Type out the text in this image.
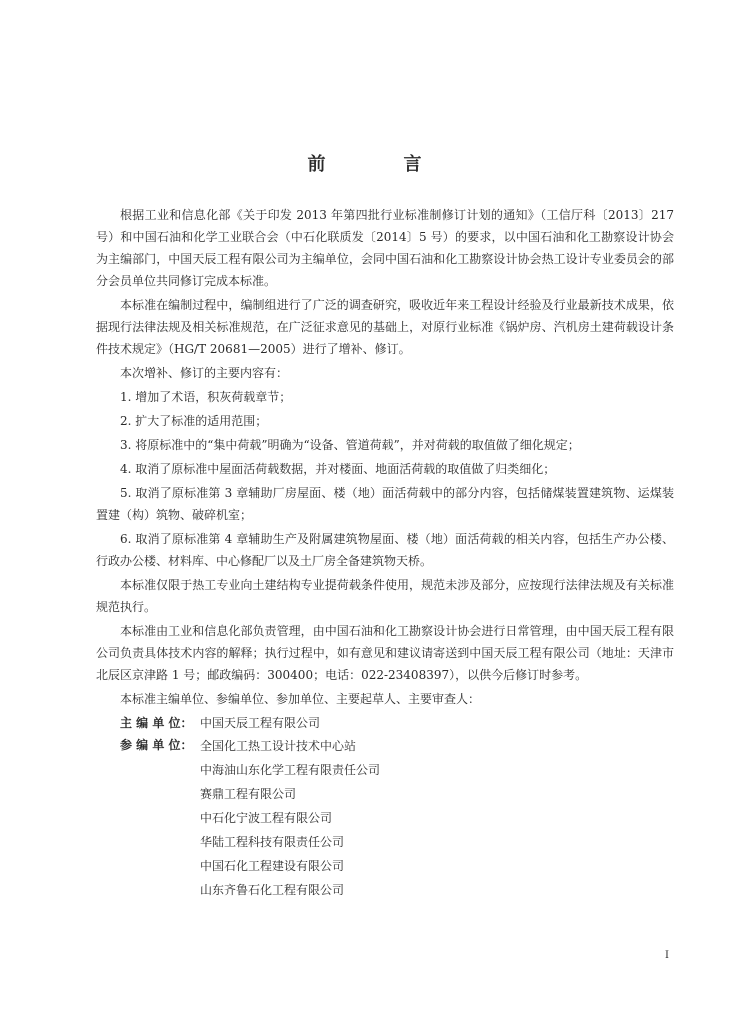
前　言

根据工业和信息化部《关于印发 2013 年第四批行业标准制修订计划的通知》（工信厅科〔2013〕217 号）和中国石油和化学工业联合会（中石化联质发〔2014〕5 号）的要求，以中国石油和化工勘察设计协会为主编部门，中国天辰工程有限公司为主编单位，会同中国石油和化工勘察设计协会热工设计专业委员会的部分会员单位共同修订完成本标准。

本标准在编制过程中，编制组进行了广泛的调查研究，吸收近年来工程设计经验及行业最新技术成果，依据现行法律法规及相关标准规范，在广泛征求意见的基础上，对原行业标准《锅炉房、汽机房土建荷载设计条件技术规定》（HG/T 20681—2005）进行了增补、修订。

本次增补、修订的主要内容有：

1. 增加了术语，积灰荷载章节；

2. 扩大了标准的适用范围；

3. 将原标准中的“集中荷载”明确为“设备、管道荷载”，并对荷载的取值做了细化规定；

4. 取消了原标准中屋面活荷载数据，并对楼面、地面活荷载的取值做了归类细化；

5. 取消了原标准第 3 章辅助厂房屋面、楼（地）面活荷载中的部分内容，包括储煤装置建筑物、运煤装置建（构）筑物、破碎机室；

6. 取消了原标准第 4 章辅助生产及附属建筑物屋面、楼（地）面活荷载的相关内容，包括生产办公楼、行政办公楼、材料库、中心修配厂以及土厂房全备建筑物天桥。

本标准仅限于热工专业向土建结构专业提荷载条件使用，规范未涉及部分，应按现行法律法规及有关标准规范执行。

本标准由工业和信息化部负责管理，由中国石油和化工勘察设计协会进行日常管理，由中国天辰工程有限公司负责具体技术内容的解释；执行过程中，如有意见和建议请寄送到中国天辰工程有限公司（地址：天津市北辰区京津路 1 号；邮政编码：300400；电话：022-23408397），以供今后修订时参考。

本标准主编单位、参编单位、参加单位、主要起草人、主要审查人：

主 编 单 位： 中国天辰工程有限公司
参 编 单 位： 全国化工热工设计技术中心站
中海油山东化学工程有限责任公司
赛鼎工程有限公司
中石化宁波工程有限公司
华陆工程科技有限责任公司
中国石化工程建设有限公司
山东齐鲁石化工程有限公司
I
